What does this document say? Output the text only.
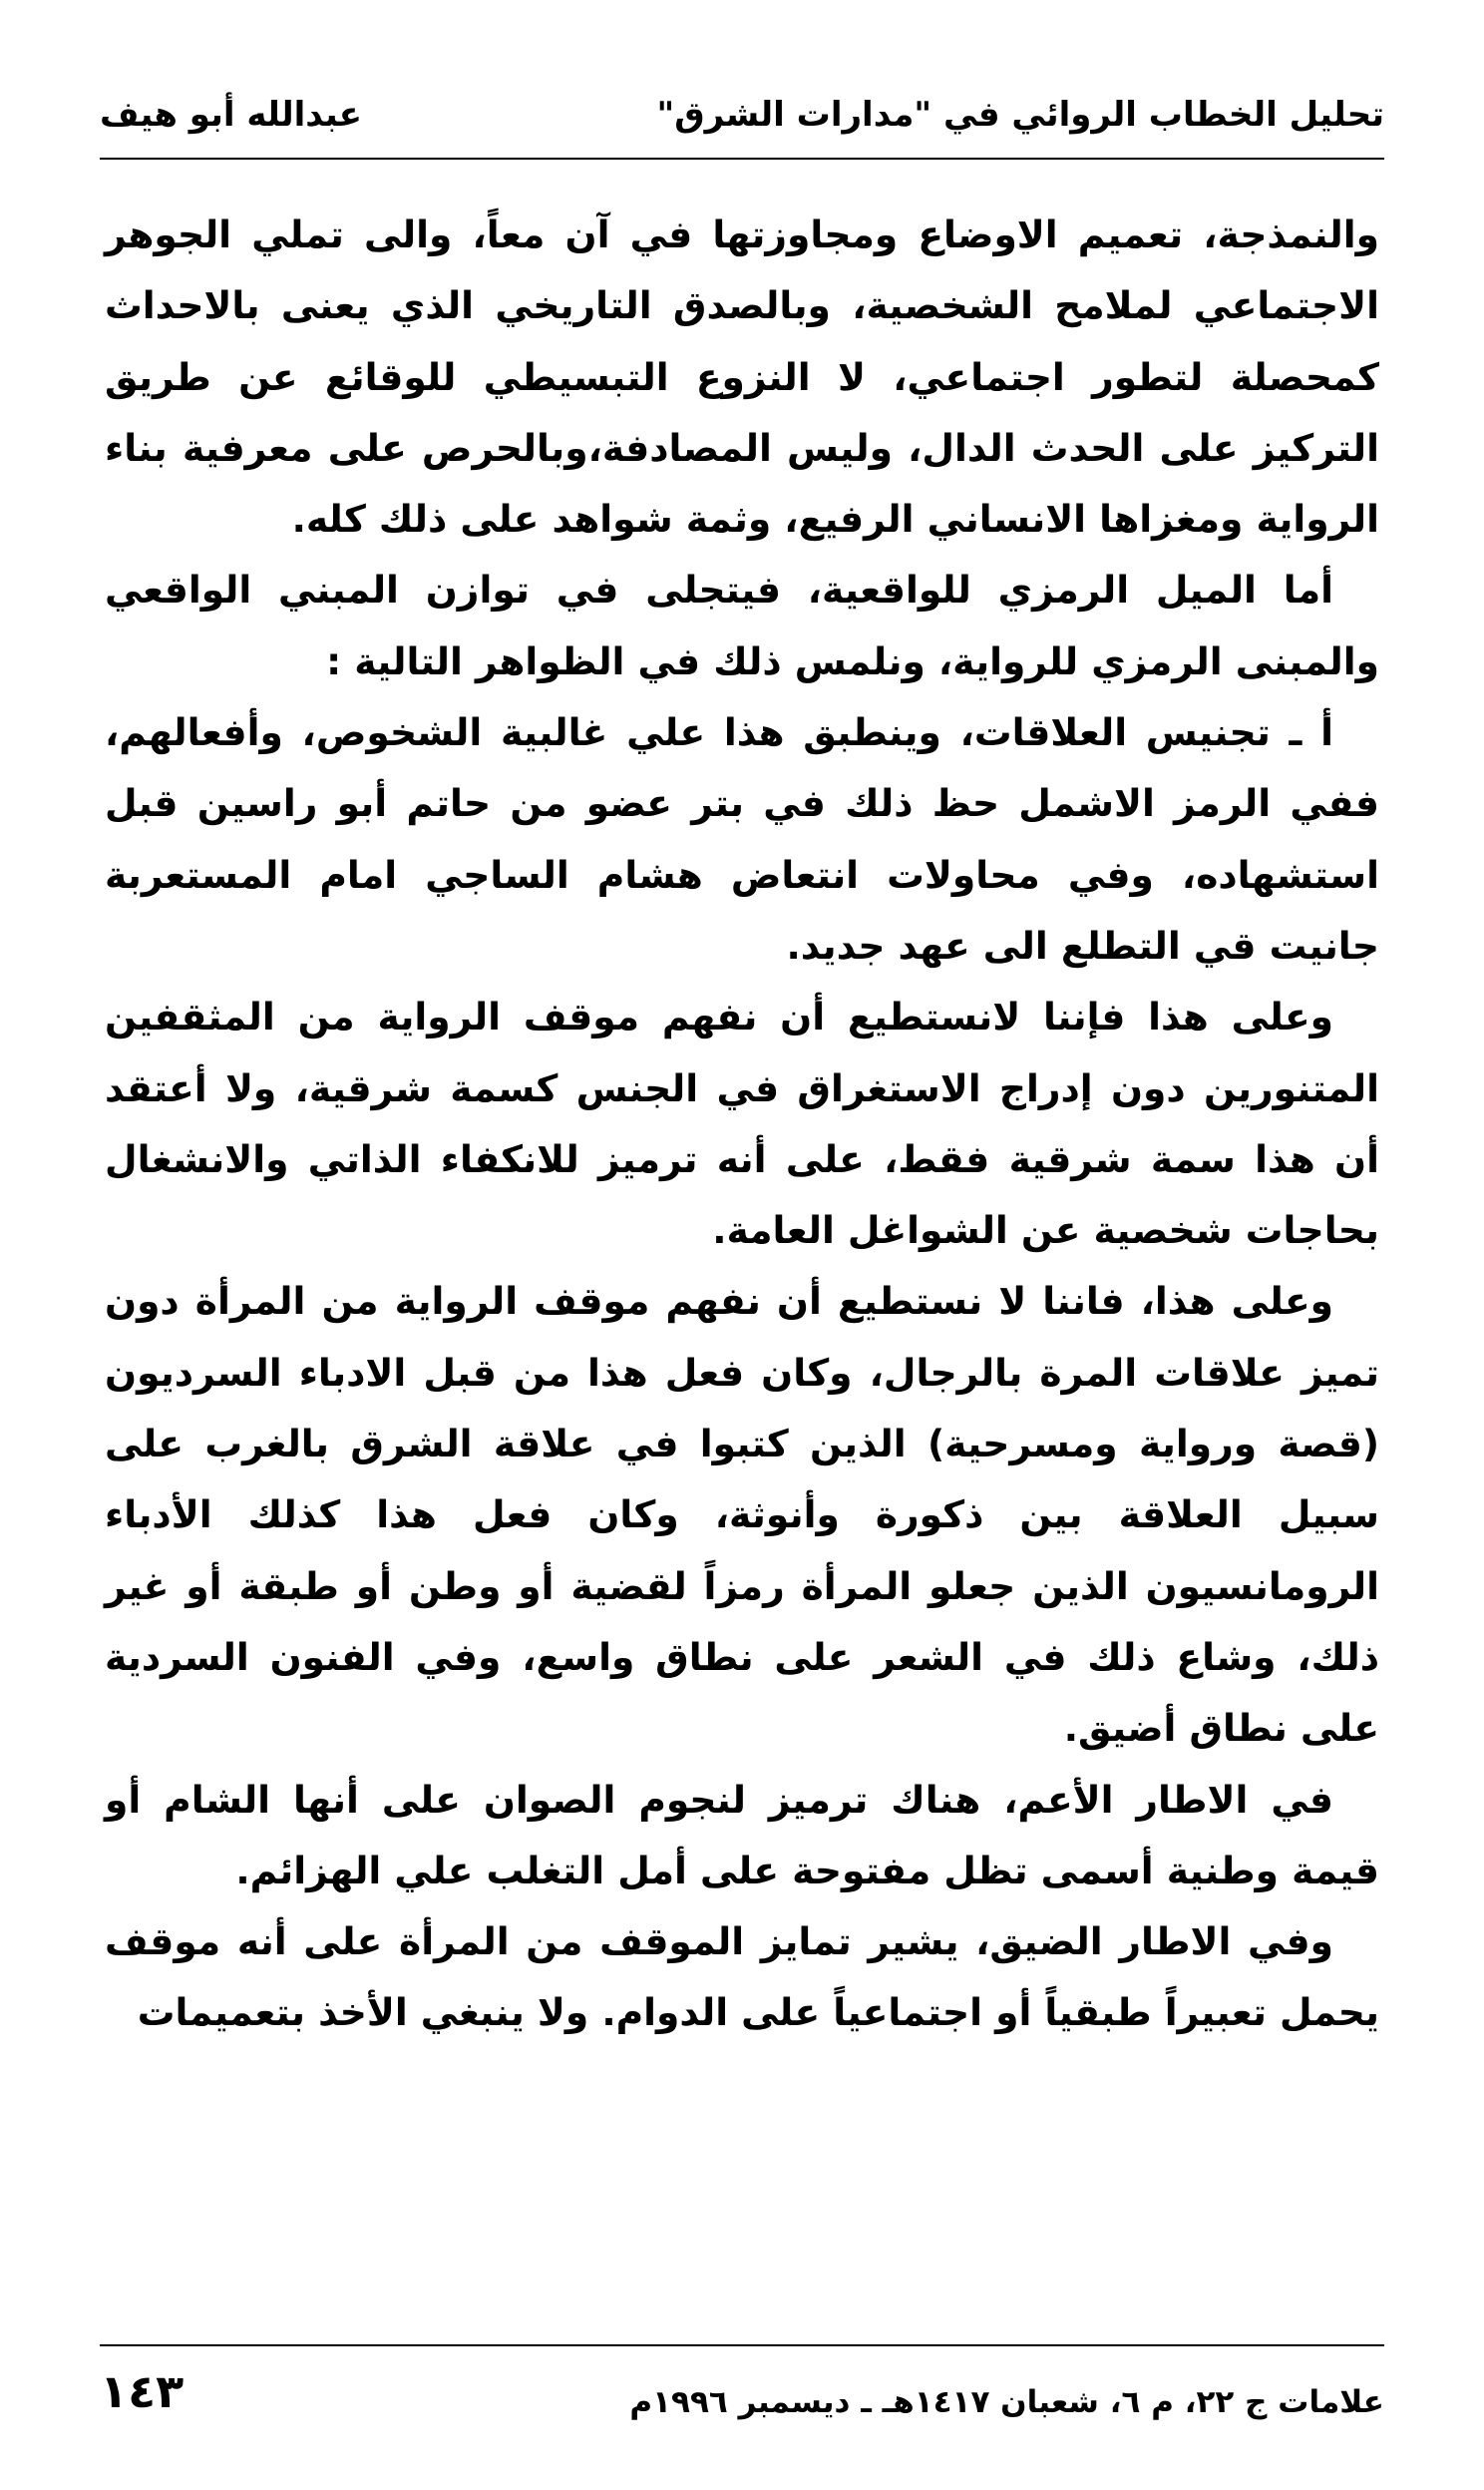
تحليل الخطاب الروائي في "مدارات الشرق"
عبدالله أبو هيف

والنمذجة، تعميم الاوضاع ومجاوزتها في آن معاً، والى تملي الجوهر الاجتماعي لملامح الشخصية، وبالصدق التاريخي الذي يعنى بالاحداث كمحصلة لتطور اجتماعي، لا النزوع التبسيطي للوقائع عن طريق التركيز على الحدث الدال، وليس المصادفة،وبالحرص على معرفية بناء الرواية ومغزاها الانساني الرفيع، وثمة شواهد على ذلك كله.

أما الميل الرمزي للواقعية، فيتجلى في توازن المبني الواقعي والمبنى الرمزي للرواية، ونلمس ذلك في الظواهر التالية :

أ ـ تجنيس العلاقات، وينطبق هذا علي غالبية الشخوص، وأفعالهم، ففي الرمز الاشمل حظ ذلك في بتر عضو من حاتم أبو راسين قبل استشهاده، وفي محاولات انتعاض هشام الساجي امام المستعربة جانيت قي التطلع الى عهد جديد.

وعلى هذا فإننا لانستطيع أن نفهم موقف الرواية من المثقفين المتنورين دون إدراج الاستغراق في الجنس كسمة شرقية، ولا أعتقد أن هذا سمة شرقية فقط، على أنه ترميز للانكفاء الذاتي والانشغال بحاجات شخصية عن الشواغل العامة.

وعلى هذا، فاننا لا نستطيع أن نفهم موقف الرواية من المرأة دون تميز علاقات المرة بالرجال، وكان فعل هذا من قبل الادباء السرديون (قصة ورواية ومسرحية) الذين كتبوا في علاقة الشرق بالغرب على سبيل العلاقة بين ذكورة وأنوثة، وكان فعل هذا كذلك الأدباء الرومانسيون الذين جعلو المرأة رمزاً لقضية أو وطن أو طبقة أو غير ذلك، وشاع ذلك في الشعر على نطاق واسع، وفي الفنون السردية على نطاق أضيق.

في الاطار الأعم، هناك ترميز لنجوم الصوان على أنها الشام أو قيمة وطنية أسمى تظل مفتوحة على أمل التغلب علي الهزائم.

وفي الاطار الضيق، يشير تمايز الموقف من المرأة على أنه موقف يحمل تعبيراً طبقياً أو اجتماعياً على الدوام. ولا ينبغي الأخذ بتعميمات

علامات ج ٢٢، م ٦، شعبان ١٤١٧هـ ـ ديسمبر ١٩٩٦م
١٤٣
